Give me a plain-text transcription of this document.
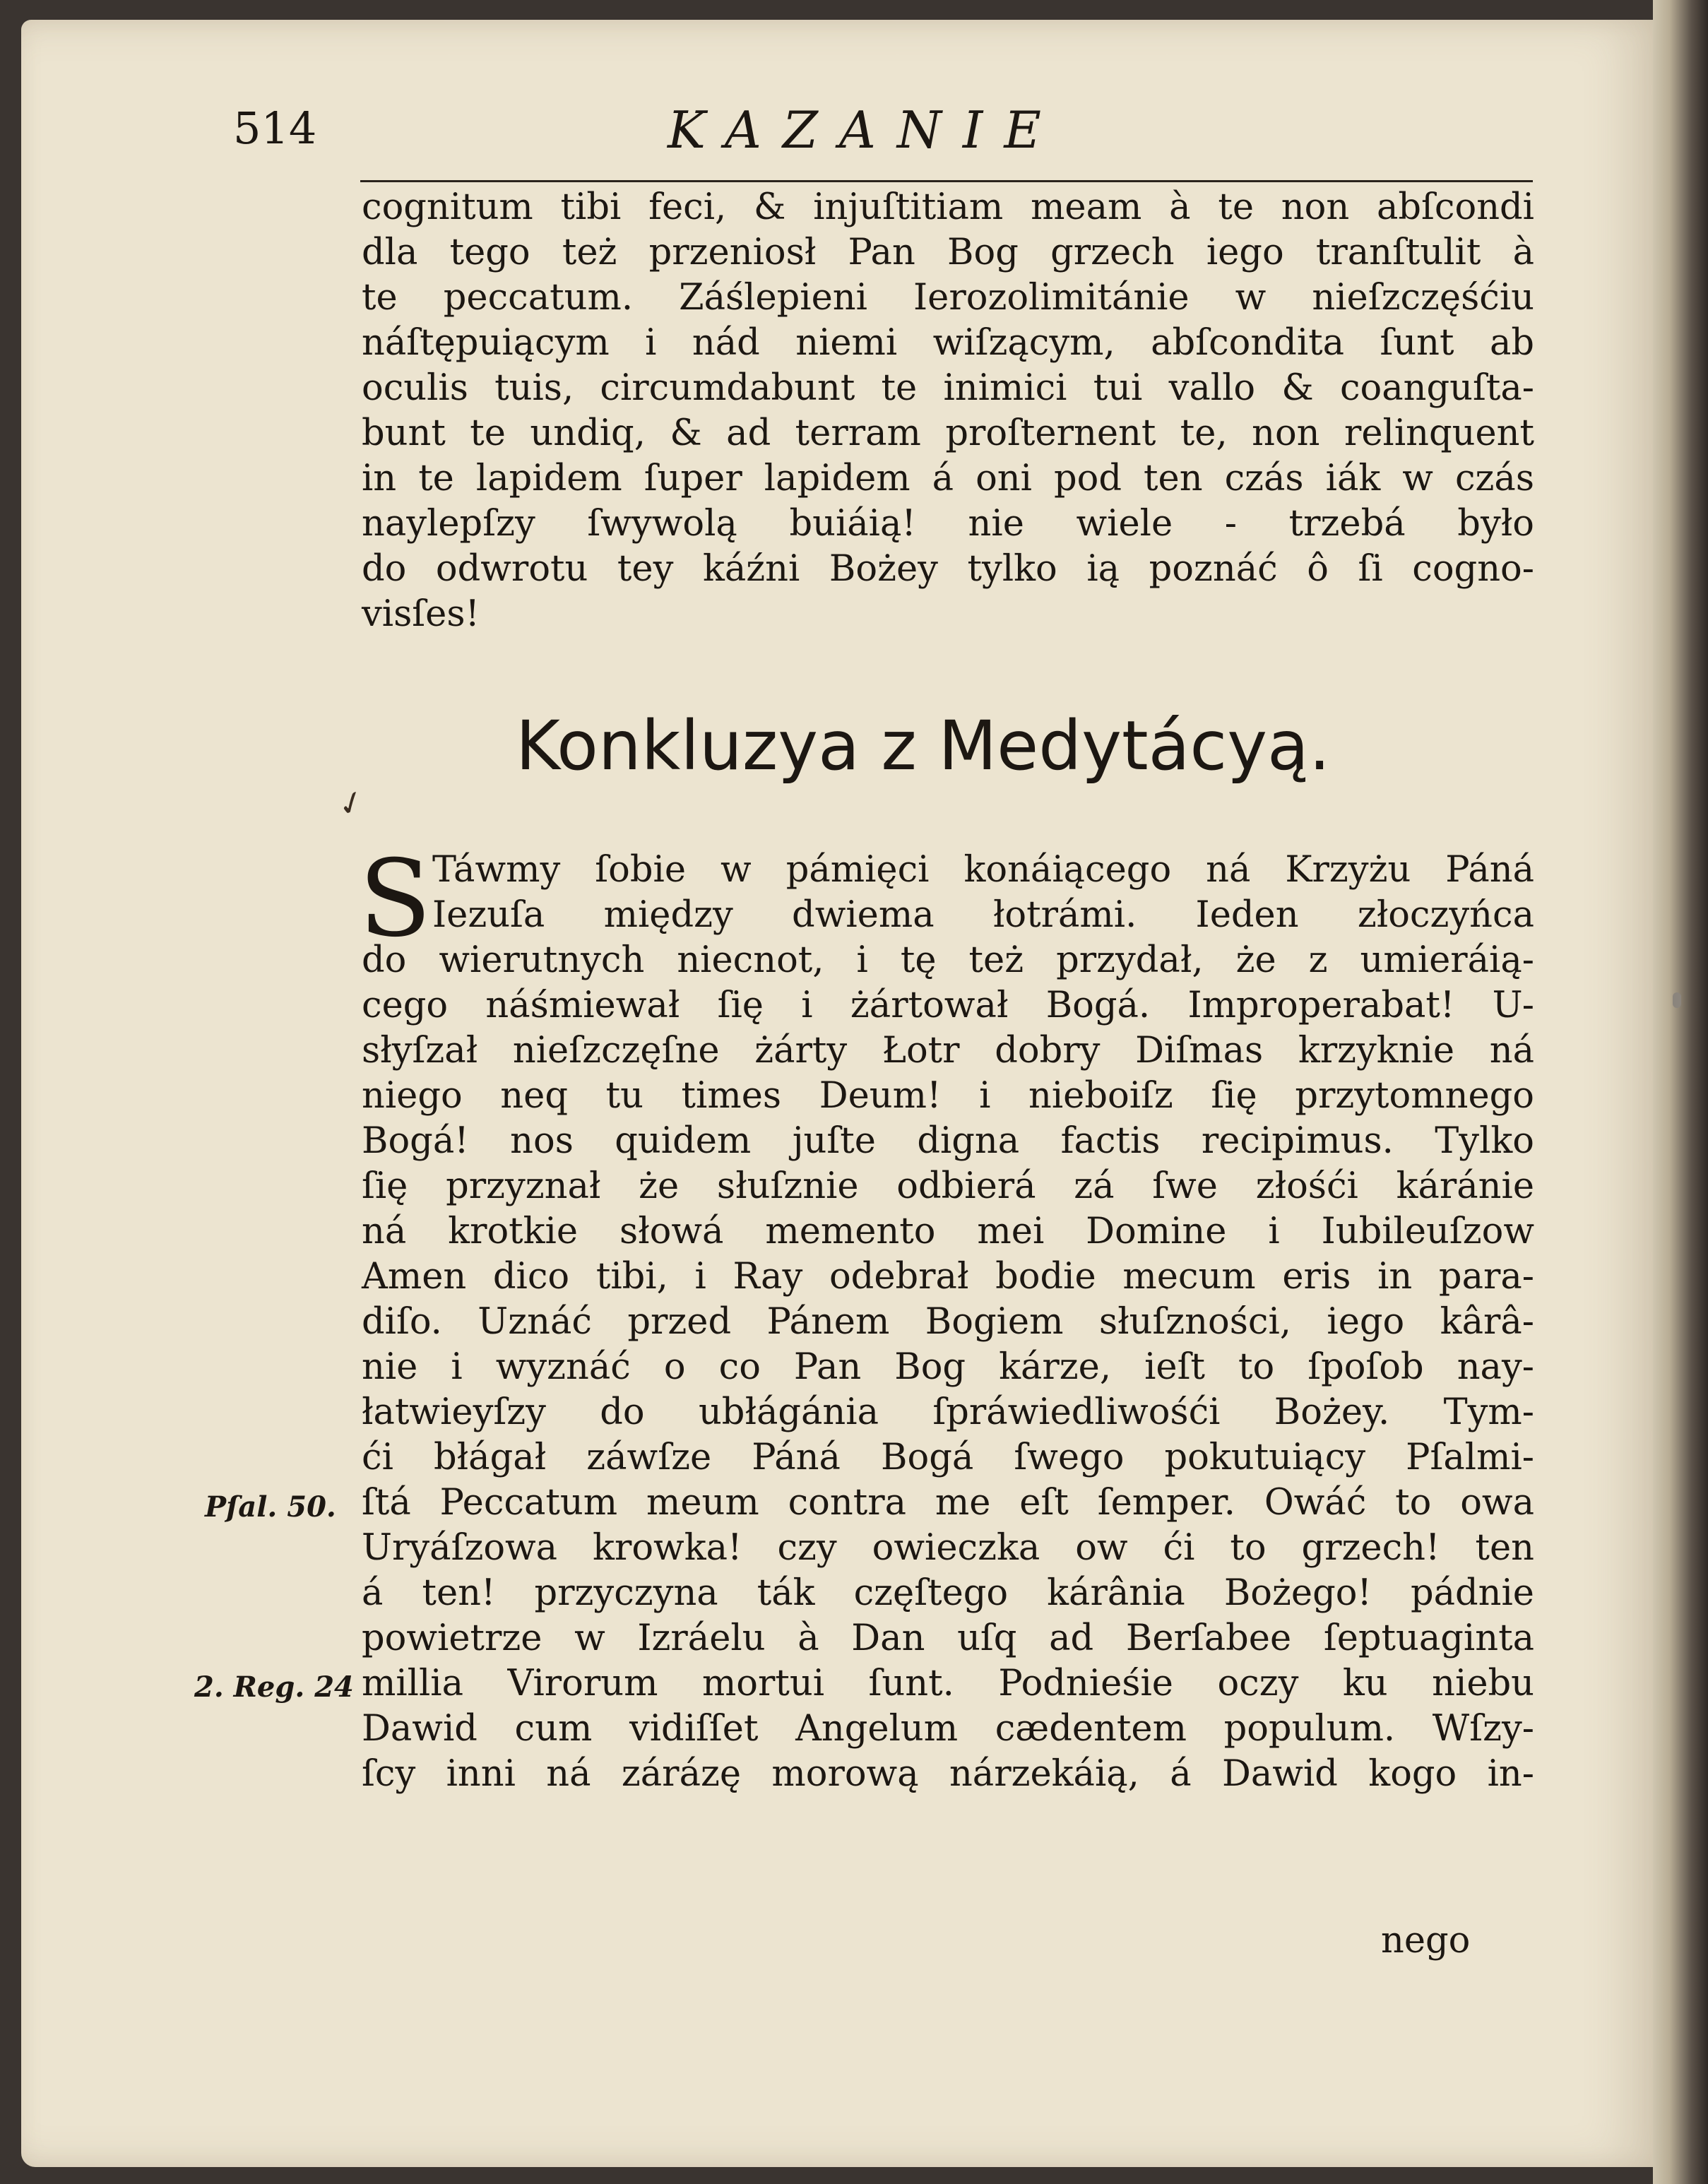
514	KAZANIE
cognitum tibi feci, & injuſtitiam meam à te non abſcondi
dla tego też przeniosł Pan Bog grzech iego tranſtulit à
te peccatum. Záślepieni Ierozolimitánie w nieſzczęśćiu
náſtępuiącym i nád niemi wiſzącym, abſcondita ſunt ab
oculis tuis, circumdabunt te inimici tui vallo & coanguſta-
bunt te undiq, & ad terram proſternent te, non relinquent
in te lapidem ſuper lapidem á oni pod ten czás iák w czás
naylepſzy ſwywolą buiáią! nie wiele - trzebá było
do odwrotu tey káźni Bożey tylko ią poznáć ô ſi cogno-
visſes!
Konkluzya z Medytácyą.
✓
S Táwmy ſobie w pámięci konáiącego ná Krzyżu Páná
Iezuſa między dwiema łotrámi. Ieden złoczyńca
do wierutnych niecnot, i tę też przydał, że z umieráią-
cego náśmiewał ſię i żártował Bogá. Improperabat! U-
słyſzał nieſzczęſne żárty Łotr dobry Diſmas krzyknie ná
niego neq tu times Deum! i nieboiſz ſię przytomnego
Bogá! nos quidem juſte digna factis recipimus. Tylko
ſię przyznał że słuſznie odbierá zá ſwe złośći káránie
ná krotkie słowá memento mei Domine i Iubileuſzow
Amen dico tibi, i Ray odebrał bodie mecum eris in para-
diſo. Uznáć przed Pánem Bogiem słuſzności, iego kârâ-
nie i wyznáć o co Pan Bog kárze, ieſt to ſpoſob nay-
łatwieyſzy do ubłágánia ſpráwiedliwośći Bożey. Tym-
ći błágał záwſze Páná Bogá ſwego pokutuiący Pſalmi-
ſtá Peccatum meum contra me eſt ſemper. Owáć to owa
Uryáſzowa krowka! czy owieczka ow ći to grzech! ten
á ten! przyczyna ták częſtego kárânia Bożego! pádnie
powietrze w Izráelu à Dan uſq ad Berſabee ſeptuaginta
millia Virorum mortui ſunt. Podnieśie oczy ku niebu
Dawid cum vidiſſet Angelum cædentem populum. Wſzy-
ſcy inni ná zárázę morową nárzekáią, á Dawid kogo in-
Pſal. 50.
2. Reg. 24
nego
